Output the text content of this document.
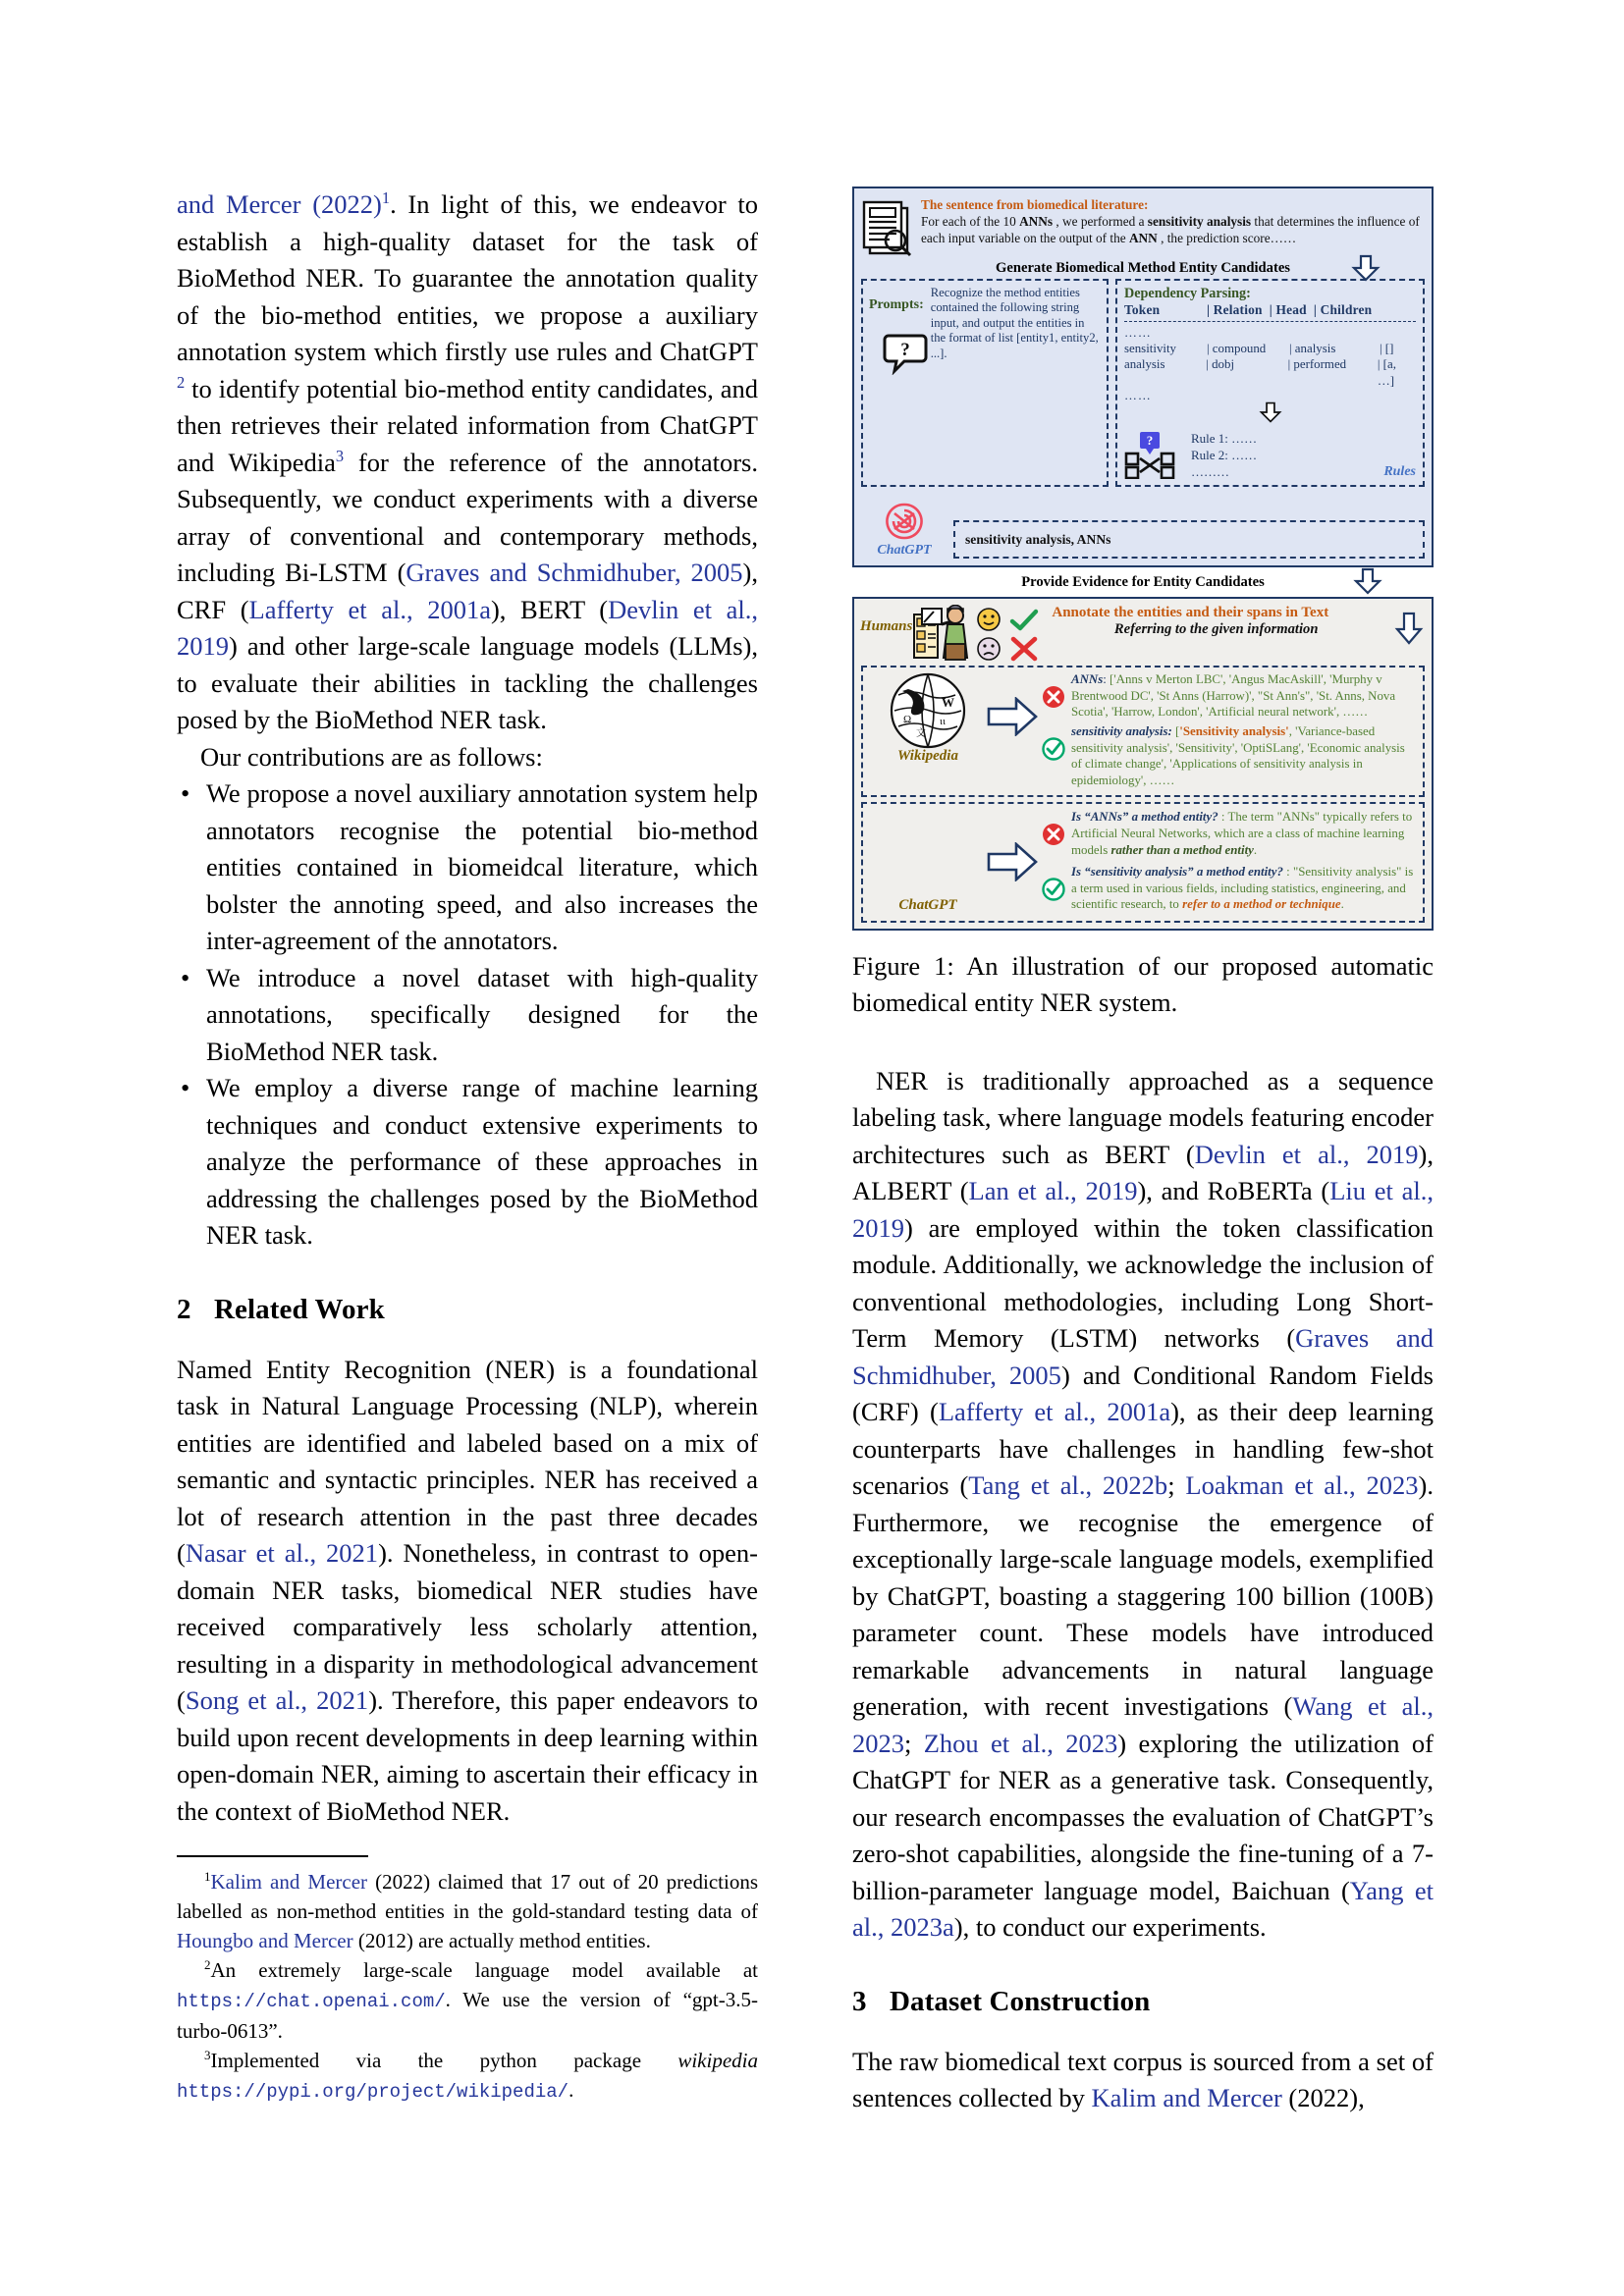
and Mercer (2022)$^1$. In light of this, we endeavor to establish a high-quality dataset for the task of BioMethod NER. To guarantee the annotation quality of the bio-method entities, we propose a auxiliary annotation system which firstly use rules and ChatGPT $^2$ to identify potential bio-method entity candidates, and then retrieves their related information from ChatGPT and Wikipedia$^3$ for the reference of the annotators. Subsequently, we conduct experiments with a diverse array of conventional and contemporary methods, including Bi-LSTM (Graves and Schmidhuber, 2005), CRF (Lafferty et al., 2001a), BERT (Devlin et al., 2019) and other large-scale language models (LLMs), to evaluate their abilities in tackling the challenges posed by the BioMethod NER task.

Our contributions are as follows:

• We propose a novel auxiliary annotation system help annotators recognise the potential bio-method entities contained in biomeidcal literature, which bolster the annoting speed, and also increases the inter-agreement of the annotators.
• We introduce a novel dataset with high-quality annotations, specifically designed for the BioMethod NER task.
• We employ a diverse range of machine learning techniques and conduct extensive experiments to analyze the performance of these approaches in addressing the challenges posed by the BioMethod NER task.
2 Related Work

Named Entity Recognition (NER) is a foundational task in Natural Language Processing (NLP), wherein entities are identified and labeled based on a mix of semantic and syntactic principles. NER has received a lot of research attention in the past three decades (Nasar et al., 2021). Nonetheless, in contrast to open-domain NER tasks, biomedical NER studies have received comparatively less scholarly attention, resulting in a disparity in methodological advancement (Song et al., 2021). Therefore, this paper endeavors to build upon recent developments in deep learning within open-domain NER, aiming to ascertain their efficacy in the context of BioMethod NER.

$^1$Kalim and Mercer (2022) claimed that 17 out of 20 predictions labelled as non-method entities in the gold-standard testing data of Houngbo and Mercer (2012) are actually method entities.

$^2$An extremely large-scale language model available at https://chat.openai.com/. We use the version of “gpt-3.5-turbo-0613”.

$^3$Implemented via the python package wikipedia https://pypi.org/project/wikipedia/.

The sentence from biomedical literature:
For each of the 10 ANNs , we performed a sensitivity analysis that determines the influence of each input variable on the output of the ANN , the prediction score……
Generate Biomedical Method Entity Candidates
Prompts:
Recognize the method entities contained the following string input, and output the entities in the format of list [entity1, entity2, ...].
?
Dependency Parsing:
Token	| Relation | Head | Children
……
sensitivity	| compound	| analysis	| []
analysis	| dobj	| performed	| [a, …]
……
?	Rule 1: ……
Rule 2: ……
………	Rules
ChatGPT
sensitivity analysis, ANNs
Provide Evidence for Entity Candidates
Humans
Annotate the entities and their spans in Text
Referring to the given information
W
Ω	ιι
文
Wikipedia
ANNs: ['Anns v Merton LBC', 'Angus MacAskill', 'Murphy v Brentwood DC', 'St Anns (Harrow)', "St Ann's", 'St. Anns, Nova Scotia', 'Harrow, London', 'Artificial neural network', ……
sensitivity analysis: ['Sensitivity analysis', 'Variance-based sensitivity analysis', 'Sensitivity', 'OptiSLang', 'Economic analysis of climate change', 'Applications of sensitivity analysis in epidemiology', ……
ChatGPT
Is “ANNs” a method entity? : The term "ANNs" typically refers to Artificial Neural Networks, which are a class of machine learning models rather than a method entity.
Is “sensitivity analysis” a method entity? : "Sensitivity analysis" is a term used in various fields, including statistics, engineering, and scientific research, to refer to a method or technique.
Figure 1: An illustration of our proposed automatic biomedical entity NER system.

NER is traditionally approached as a sequence labeling task, where language models featuring encoder architectures such as BERT (Devlin et al., 2019), ALBERT (Lan et al., 2019), and RoBERTa (Liu et al., 2019) are employed within the token classification module. Additionally, we acknowledge the inclusion of conventional methodologies, including Long Short-Term Memory (LSTM) networks (Graves and Schmidhuber, 2005) and Conditional Random Fields (CRF) (Lafferty et al., 2001a), as their deep learning counterparts have challenges in handling few-shot scenarios (Tang et al., 2022b; Loakman et al., 2023). Furthermore, we recognise the emergence of exceptionally large-scale language models, exemplified by ChatGPT, boasting a staggering 100 billion (100B) parameter count. These models have introduced remarkable advancements in natural language generation, with recent investigations (Wang et al., 2023; Zhou et al., 2023) exploring the utilization of ChatGPT for NER as a generative task. Consequently, our research encompasses the evaluation of ChatGPT’s zero-shot capabilities, alongside the fine-tuning of a 7-billion-parameter language model, Baichuan (Yang et al., 2023a), to conduct our experiments.

3 Dataset Construction

The raw biomedical text corpus is sourced from a set of sentences collected by Kalim and Mercer (2022),
